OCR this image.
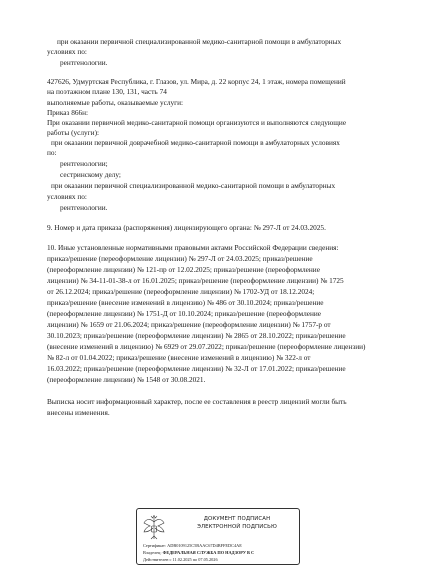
при оказании первичной специализированной медико-санитарной помощи в амбулаторных
условиях по:
рентгенологии.
427626, Удмуртская Республика, г. Глазов, ул. Мира, д. 22 корпус 24, 1 этаж, номера помещений
на поэтажном плане 130, 131, часть 74
выполняемые работы, оказываемые услуги:
Приказ 866н:
При оказании первичной медико-санитарной помощи организуются и выполняются следующие
работы (услуги):
при оказании первичной доврачебной медико-санитарной помощи в амбулаторных условиях
по:
рентгенологии;
сестринскому делу;
при оказании первичной специализированной медико-санитарной помощи в амбулаторных
условиях по:
рентгенологии.
9. Номер и дата приказа (распоряжения) лицензирующего органа: № 297-Л от 24.03.2025.
10. Иные установленные нормативными правовыми актами Российской Федерации сведения:
приказ/решение (переоформление лицензии) № 297-Л от 24.03.2025; приказ/решение
(переоформление лицензии) № 121-пр от 12.02.2025; приказ/решение (переоформление
лицензии) № 34-11-01-38-л от 16.01.2025; приказ/решение (переоформление лицензии) № 1725
от 26.12.2024; приказ/решение (переоформление лицензии) № 1702-УД от 18.12.2024;
приказ/решение (внесение изменений в лицензию) № 486 от 30.10.2024; приказ/решение
(переоформление лицензии) № 1751-Д от 10.10.2024; приказ/решение (переоформление
лицензии) № 1659 от 21.06.2024; приказ/решение (переоформление лицензии) № 1757-р от
30.10.2023; приказ/решение (переоформление лицензии) № 2865 от 28.10.2022; приказ/решение
(внесение изменений в лицензию) № 6929 от 29.07.2022; приказ/решение (переоформление лицензии)
№ 82-л от 01.04.2022; приказ/решение (внесение изменений в лицензию) № 322-л от
16.03.2022; приказ/решение (переоформление лицензии) № 32-Л от 17.01.2022; приказ/решение
(переоформление лицензии) № 1548 от 30.08.2021.
Выписка носит информационный характер, после ее составления в реестр лицензий могли быть
внесены изменения.
ДОКУМЕНТ ПОДПИСАН
ЭЛЕКТРОННОЙ ПОДПИСЬЮ
Сертификат: ADB0109125C5BAAC67D4BFFEDC4AE
Владелец: ФЕДЕРАЛЬНАЯ СЛУЖБА ПО НАДЗОРУ В С
Действителен с 11.02.2025 по 07.05.2026
